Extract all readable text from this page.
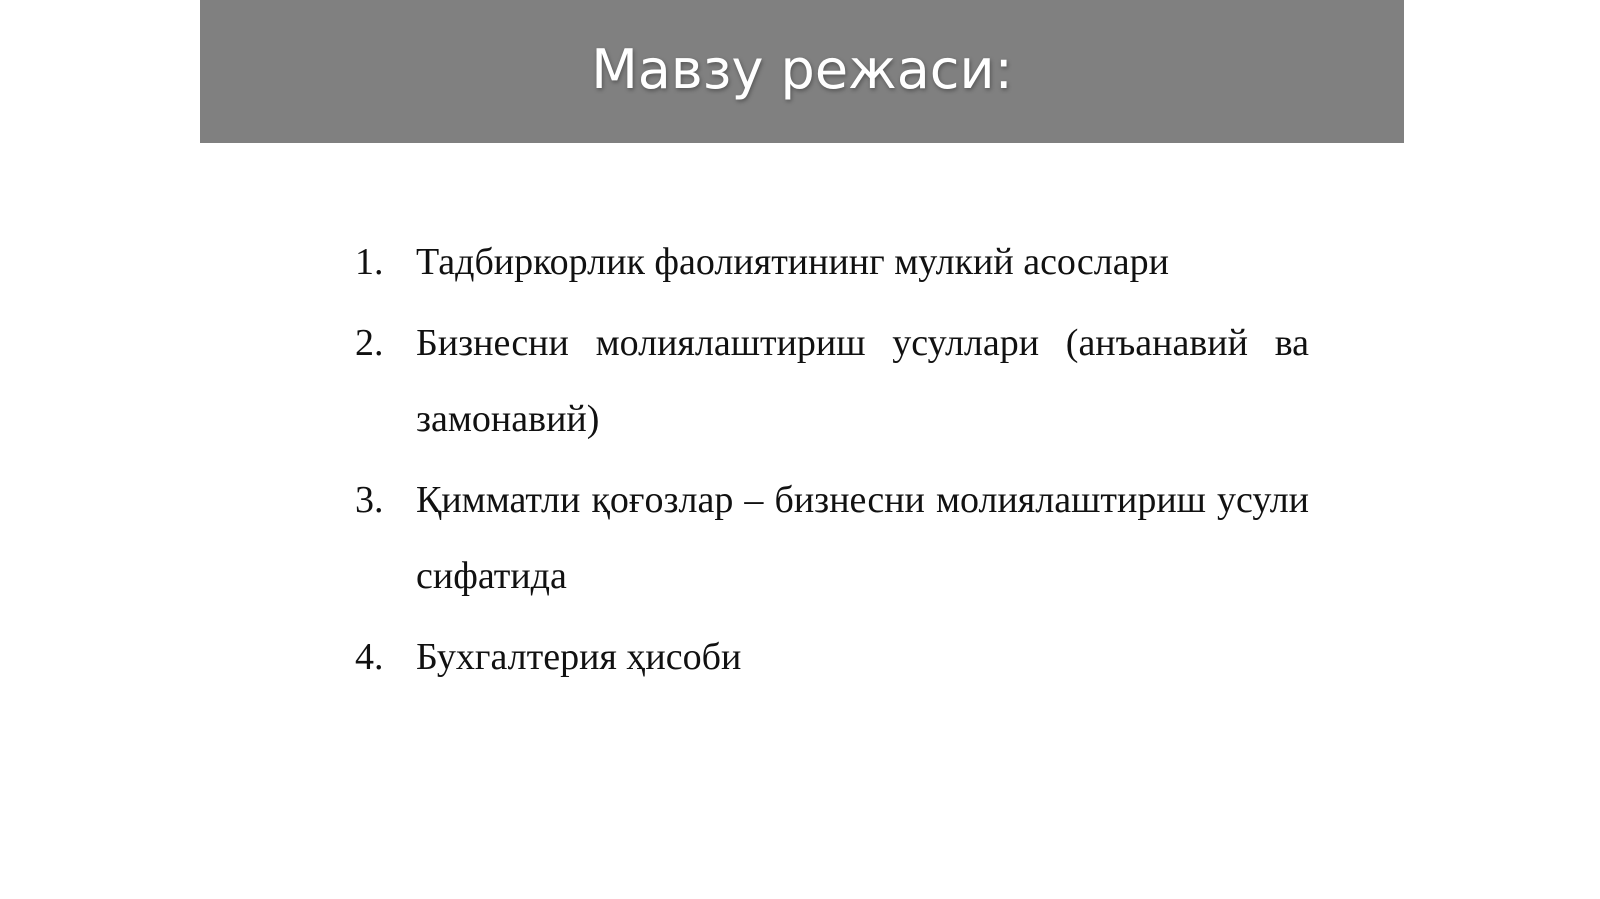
Мавзу режаси:
1. Тадбиркорлик фаолиятининг мулкий асослари
2. Бизнесни молиялаштириш усуллари (анъанавий ва замонавий)
3. Қимматли қоғозлар – бизнесни молиялаштириш усули сифатида
4. Бухгалтерия ҳисоби
